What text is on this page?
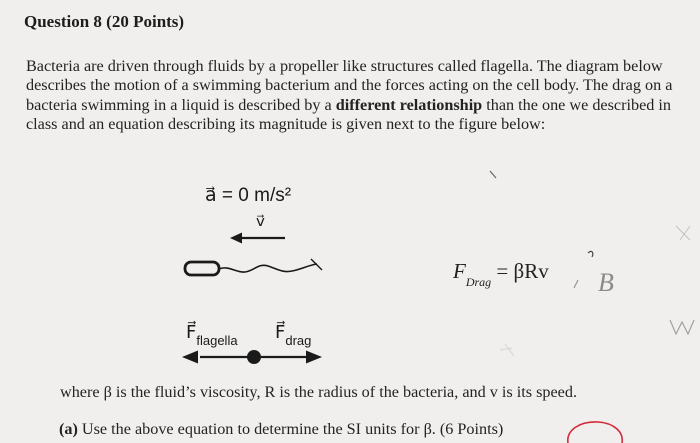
Question 8 (20 Points)
Bacteria are driven through fluids by a propeller like structures called flagella. The diagram below describes the motion of a swimming bacterium and the forces acting on the cell body. The drag on a bacteria swimming in a liquid is described by a different relationship than the one we described in class and an equation describing its magnitude is given next to the figure below:
a⃗ = 0 m/s²
v⃗
$F_{Drag} = \beta Rv$ B
$F⃗_{flagella}$ $F⃗_{drag}$
where β is the fluid’s viscosity, R is the radius of the bacteria, and v is its speed.
(a) Use the above equation to determine the SI units for β. (6 Points)
